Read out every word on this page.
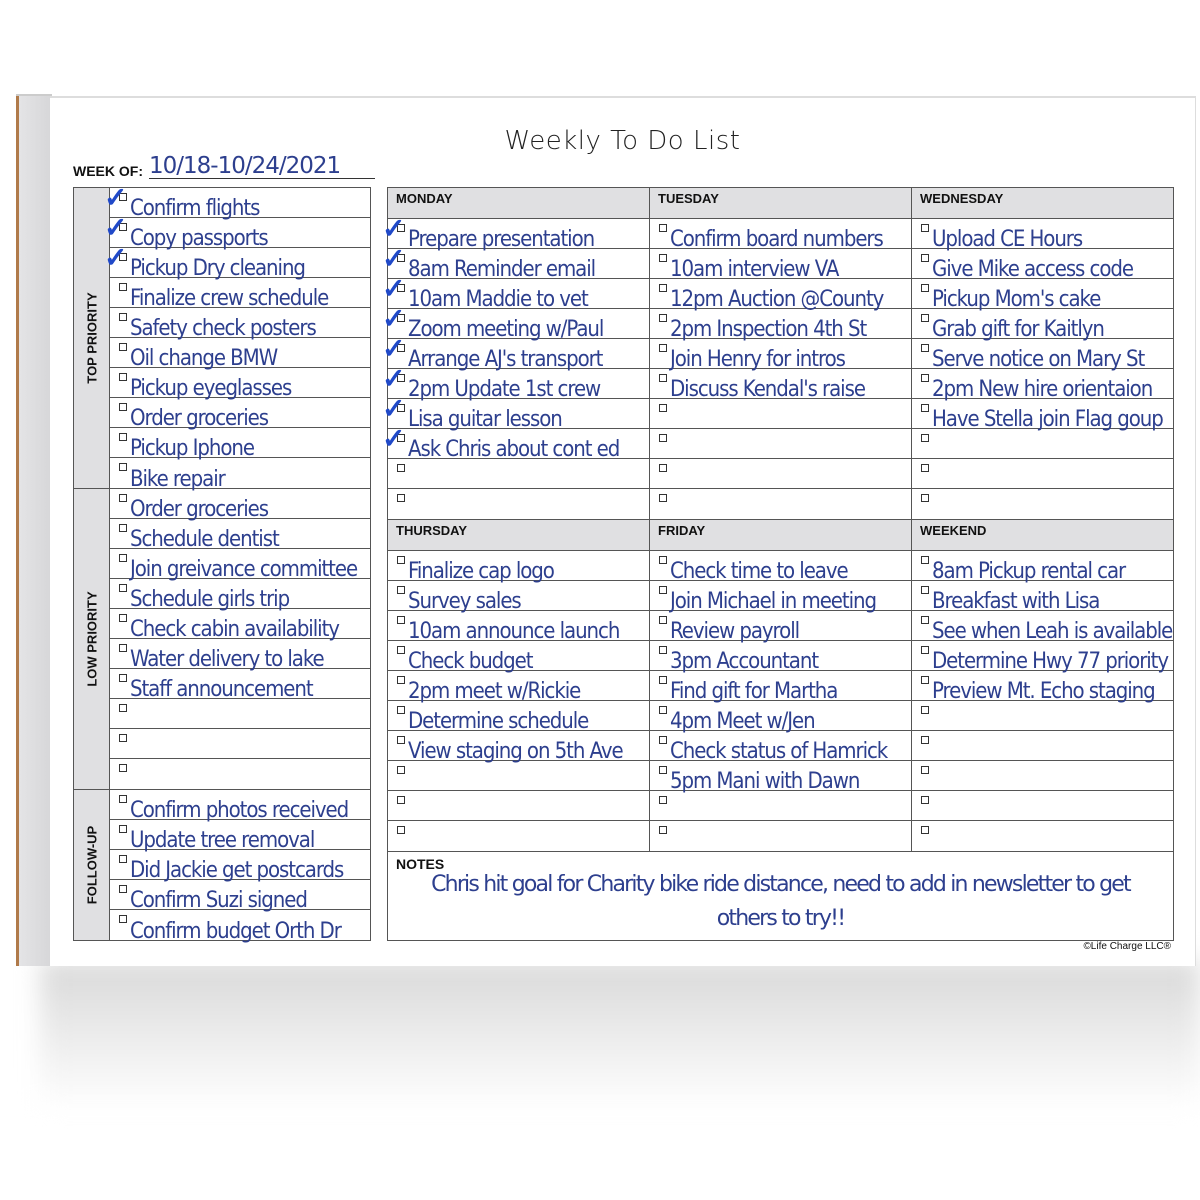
Weekly To Do List
WEEK OF: 10/18-10/24/2021
TOP PRIORITY
✓ Confirm flights
✓ Copy passports
✓ Pickup Dry cleaning
Finalize crew schedule
Safety check posters
Oil change BMW
Pickup eyeglasses
Order groceries
Pickup Iphone
Bike repair
LOW PRIORITY
Order groceries
Schedule dentist
Join greivance committee
Schedule girls trip
Check cabin availability
Water delivery to lake
Staff announcement
FOLLOW-UP
Confirm photos received
Update tree removal
Did Jackie get postcards
Confirm Suzi signed
Confirm budget Orth Dr
MONDAY
✓ Prepare presentation
✓ 8am Reminder email
✓ 10am Maddie to vet
✓ Zoom meeting w/Paul
✓ Arrange AJ's transport
✓ 2pm Update 1st crew
✓ Lisa guitar lesson
✓ Ask Chris about cont ed
TUESDAY
Confirm board numbers
10am interview VA
12pm Auction @County
2pm Inspection 4th St
Join Henry for intros
Discuss Kendal's raise
WEDNESDAY
Upload CE Hours
Give Mike access code
Pickup Mom's cake
Grab gift for Kaitlyn
Serve notice on Mary St
2pm New hire orientaion
Have Stella join Flag goup
THURSDAY
Finalize cap logo
Survey sales
10am announce launch
Check budget
2pm meet w/Rickie
Determine schedule
View staging on 5th Ave
FRIDAY
Check time to leave
Join Michael in meeting
Review payroll
3pm Accountant
Find gift for Martha
4pm Meet w/Jen
Check status of Hamrick
5pm Mani with Dawn
WEEKEND
8am Pickup rental car
Breakfast with Lisa
See when Leah is available
Determine Hwy 77 priority
Preview Mt. Echo staging
NOTES
Chris hit goal for Charity bike ride distance, need to add in newsletter to get others to try!!
©Life Charge LLC®
